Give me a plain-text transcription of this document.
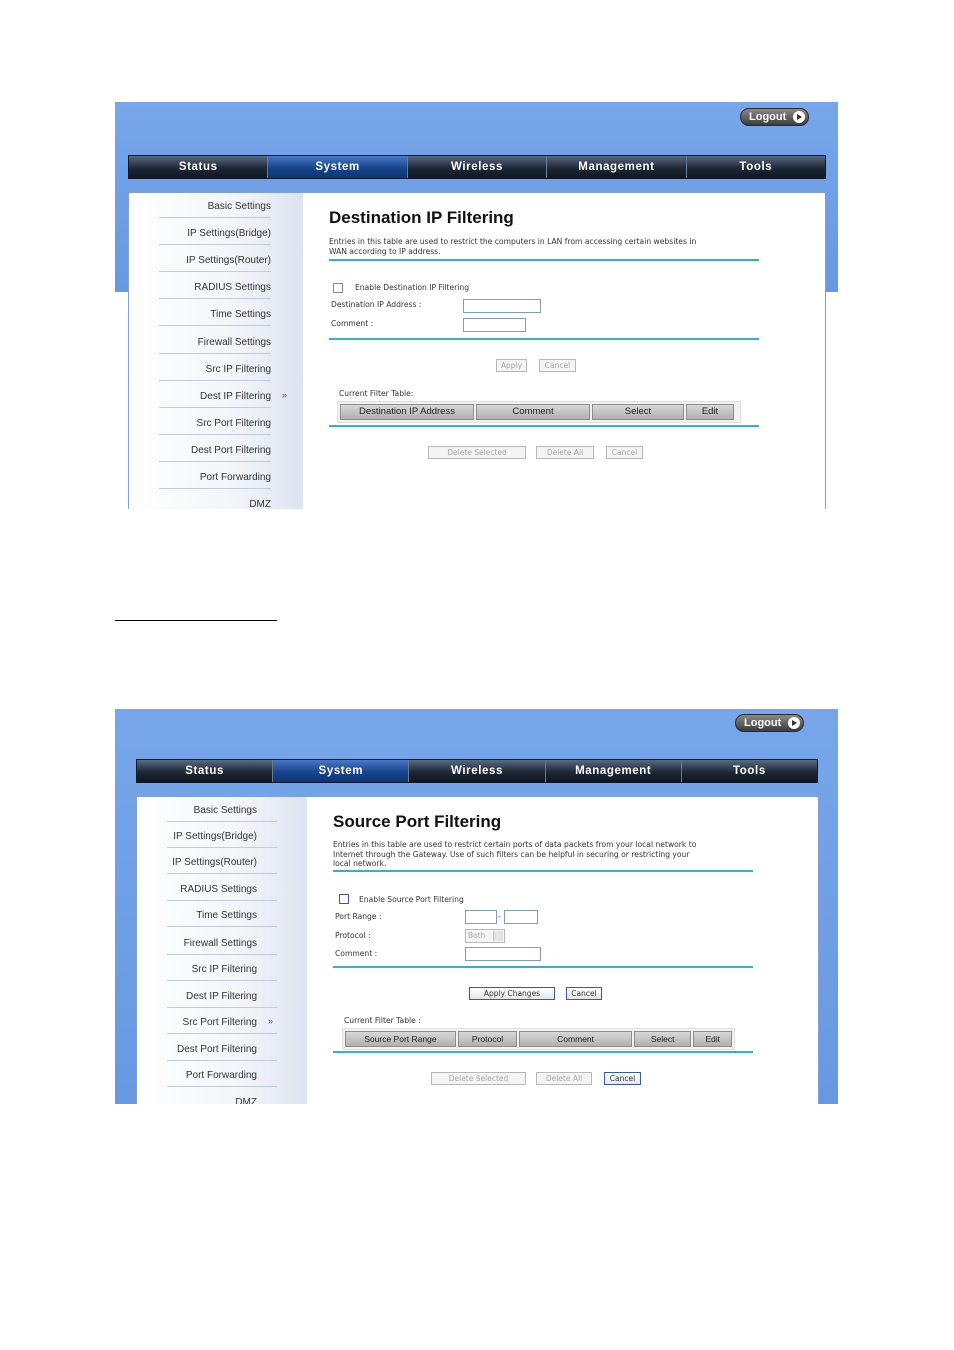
Logout
Status	System	Wireless	Management	Tools
Basic Settings
IP Settings(Bridge)
IP Settings(Router)
RADIUS Settings
Time Settings
Firewall Settings
Src IP Filtering
Dest IP Filtering »
Src Port Filtering
Dest Port Filtering
Port Forwarding
DMZ
Destination IP Filtering
Entries in this table are used to restrict the computers in LAN from accessing certain websites in
WAN according to IP address.
Enable Destination IP Filtering
Destination IP Address :
Comment :
Apply	Cancel
Current Filter Table:
Destination IP Address	Comment	Select	Edit
Delete Selected	Delete All	Cancel
Logout
Status	System	Wireless	Management	Tools
Basic Settings
IP Settings(Bridge)
IP Settings(Router)
RADIUS Settings
Time Settings
Firewall Settings
Src IP Filtering
Dest IP Filtering
Src Port Filtering »
Dest Port Filtering
Port Forwarding
DMZ
Source Port Filtering
Entries in this table are used to restrict certain ports of data packets from your local network to
Internet through the Gateway. Use of such filters can be helpful in securing or restricting your
local network.
Enable Source Port Filtering
Port Range :	-
Protocol :	Both
Comment :
Apply Changes	Cancel
Current Filter Table :
Source Port Range	Protocol	Comment	Select	Edit
Delete Selected	Delete All	Cancel
